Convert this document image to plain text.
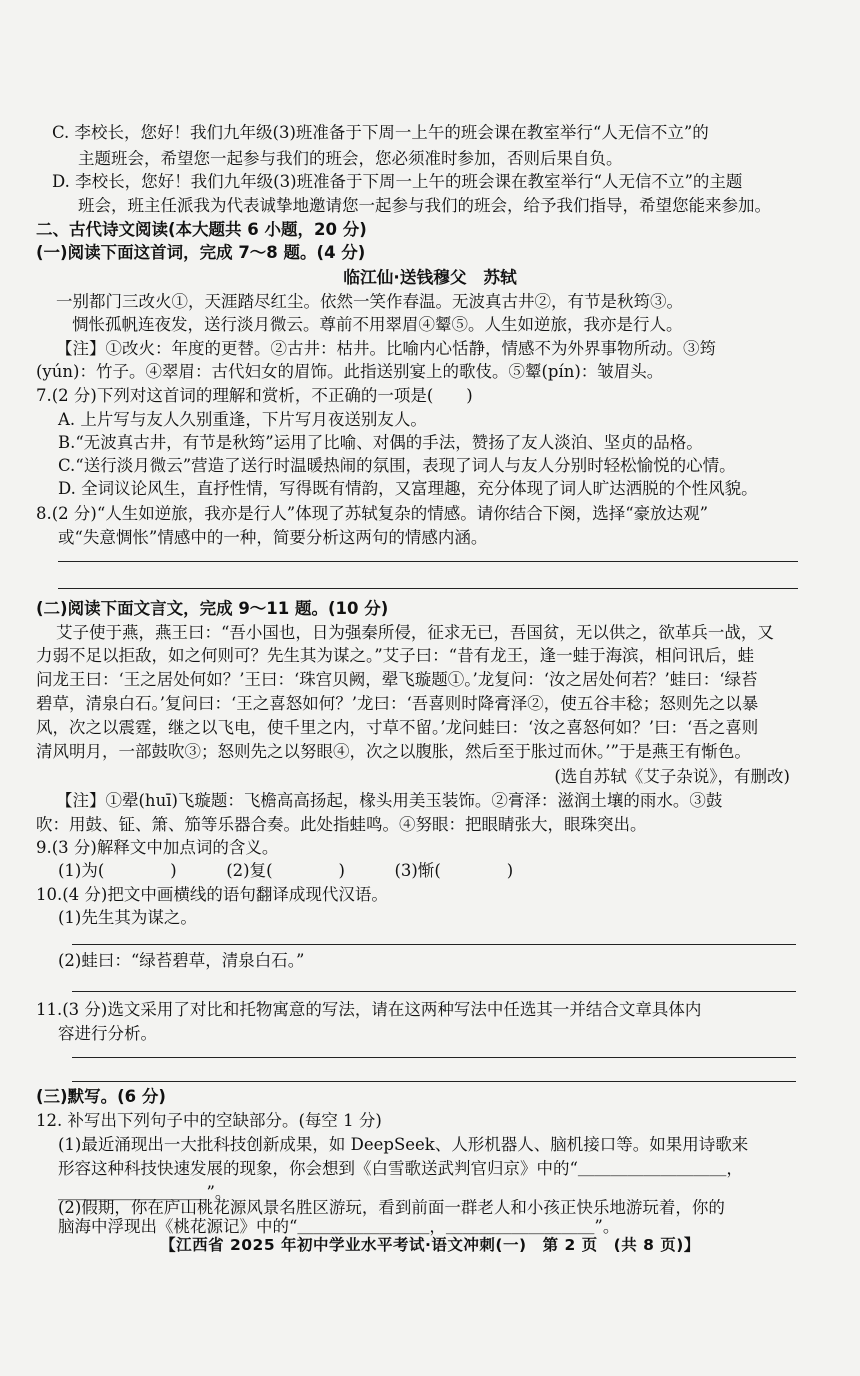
C. 李校长，您好！我们九年级(3)班准备于下周一上午的班会课在教室举行“人无信不立”的
主题班会，希望您一起参与我们的班会，您必须准时参加，否则后果自负。
D. 李校长，您好！我们九年级(3)班准备于下周一上午的班会课在教室举行“人无信不立”的主题
班会，班主任派我为代表诚挚地邀请您一起参与我们的班会，给予我们指导，希望您能来参加。
二、古代诗文阅读(本大题共 6 小题，20 分)
(一)阅读下面这首词，完成 7～8 题。(4 分)
临江仙·送钱穆父　苏轼
一别都门三改火①，天涯踏尽红尘。依然一笑作春温。无波真古井②，有节是秋筠③。
惆怅孤帆连夜发，送行淡月微云。尊前不用翠眉④颦⑤。人生如逆旅，我亦是行人。
【注】①改火：年度的更替。②古井：枯井。比喻内心恬静，情感不为外界事物所动。③筠
(yún)：竹子。④翠眉：古代妇女的眉饰。此指送别宴上的歌伎。⑤颦(pín)：皱眉头。
7.(2 分)下列对这首词的理解和赏析，不正确的一项是(　　)
A. 上片写与友人久别重逢，下片写月夜送别友人。
B.“无波真古井，有节是秋筠”运用了比喻、对偶的手法，赞扬了友人淡泊、坚贞的品格。
C.“送行淡月微云”营造了送行时温暖热闹的氛围，表现了词人与友人分别时轻松愉悦的心情。
D. 全词议论风生，直抒性情，写得既有情韵，又富理趣，充分体现了词人旷达洒脱的个性风貌。
8.(2 分)“人生如逆旅，我亦是行人”体现了苏轼复杂的情感。请你结合下阕，选择“豪放达观”
或“失意惆怅”情感中的一种，简要分析这两句的情感内涵。
(二)阅读下面文言文，完成 9～11 题。(10 分)
艾子使于燕，燕王曰：“吾小国也，日为强秦所侵，征求无已，吾国贫，无以供之，欲革兵一战，又
力弱不足以拒敌，如之何则可？先生其为谋之。”艾子曰：“昔有龙王，逢一蛙于海滨，相问讯后，蛙
问龙王曰：‘王之居处何如？’王曰：‘珠宫贝阙，翚飞璇题①。’龙复问：‘汝之居处何若？’蛙曰：‘绿苔
碧草，清泉白石。’复问曰：‘王之喜怒如何？’龙曰：‘吾喜则时降膏泽②，使五谷丰稔；怒则先之以暴
风，次之以震霆，继之以飞电，使千里之内，寸草不留。’龙问蛙曰：‘汝之喜怒何如？’曰：‘吾之喜则
清风明月，一部鼓吹③；怒则先之以努眼④，次之以腹胀，然后至于胀过而休。’”于是燕王有惭色。
(选自苏轼《艾子杂说》，有删改)
【注】①翚(huī)飞璇题：飞檐高高扬起，椽头用美玉装饰。②膏泽：滋润土壤的雨水。③鼓
吹：用鼓、钲、箫、笳等乐器合奏。此处指蛙鸣。④努眼：把眼睛张大，眼珠突出。
9.(3 分)解释文中加点词的含义。
(1)为(　　　　)　　　(2)复(　　　　)　　　(3)惭(　　　　)
10.(4 分)把文中画横线的语句翻译成现代汉语。
(1)先生其为谋之。
(2)蛙曰：“绿苔碧草，清泉白石。”
11.(3 分)选文采用了对比和托物寓意的写法，请在这两种写法中任选其一并结合文章具体内
容进行分析。
(三)默写。(6 分)
12. 补写出下列句子中的空缺部分。(每空 1 分)
(1)最近涌现出一大批科技创新成果，如 DeepSeek、人形机器人、脑机接口等。如果用诗歌来
形容这种科技快速发展的现象，你会想到《白雪歌送武判官归京》中的“＿＿＿＿＿＿＿＿＿，
＿＿＿＿＿＿＿＿＿”。
(2)假期，你在庐山桃花源风景名胜区游玩，看到前面一群老人和小孩正快乐地游玩着，你的
脑海中浮现出《桃花源记》中的“＿＿＿＿＿＿＿＿，＿＿＿＿＿＿＿＿＿”。
【江西省 2025 年初中学业水平考试·语文冲刺(一)　第 2 页　(共 8 页)】
